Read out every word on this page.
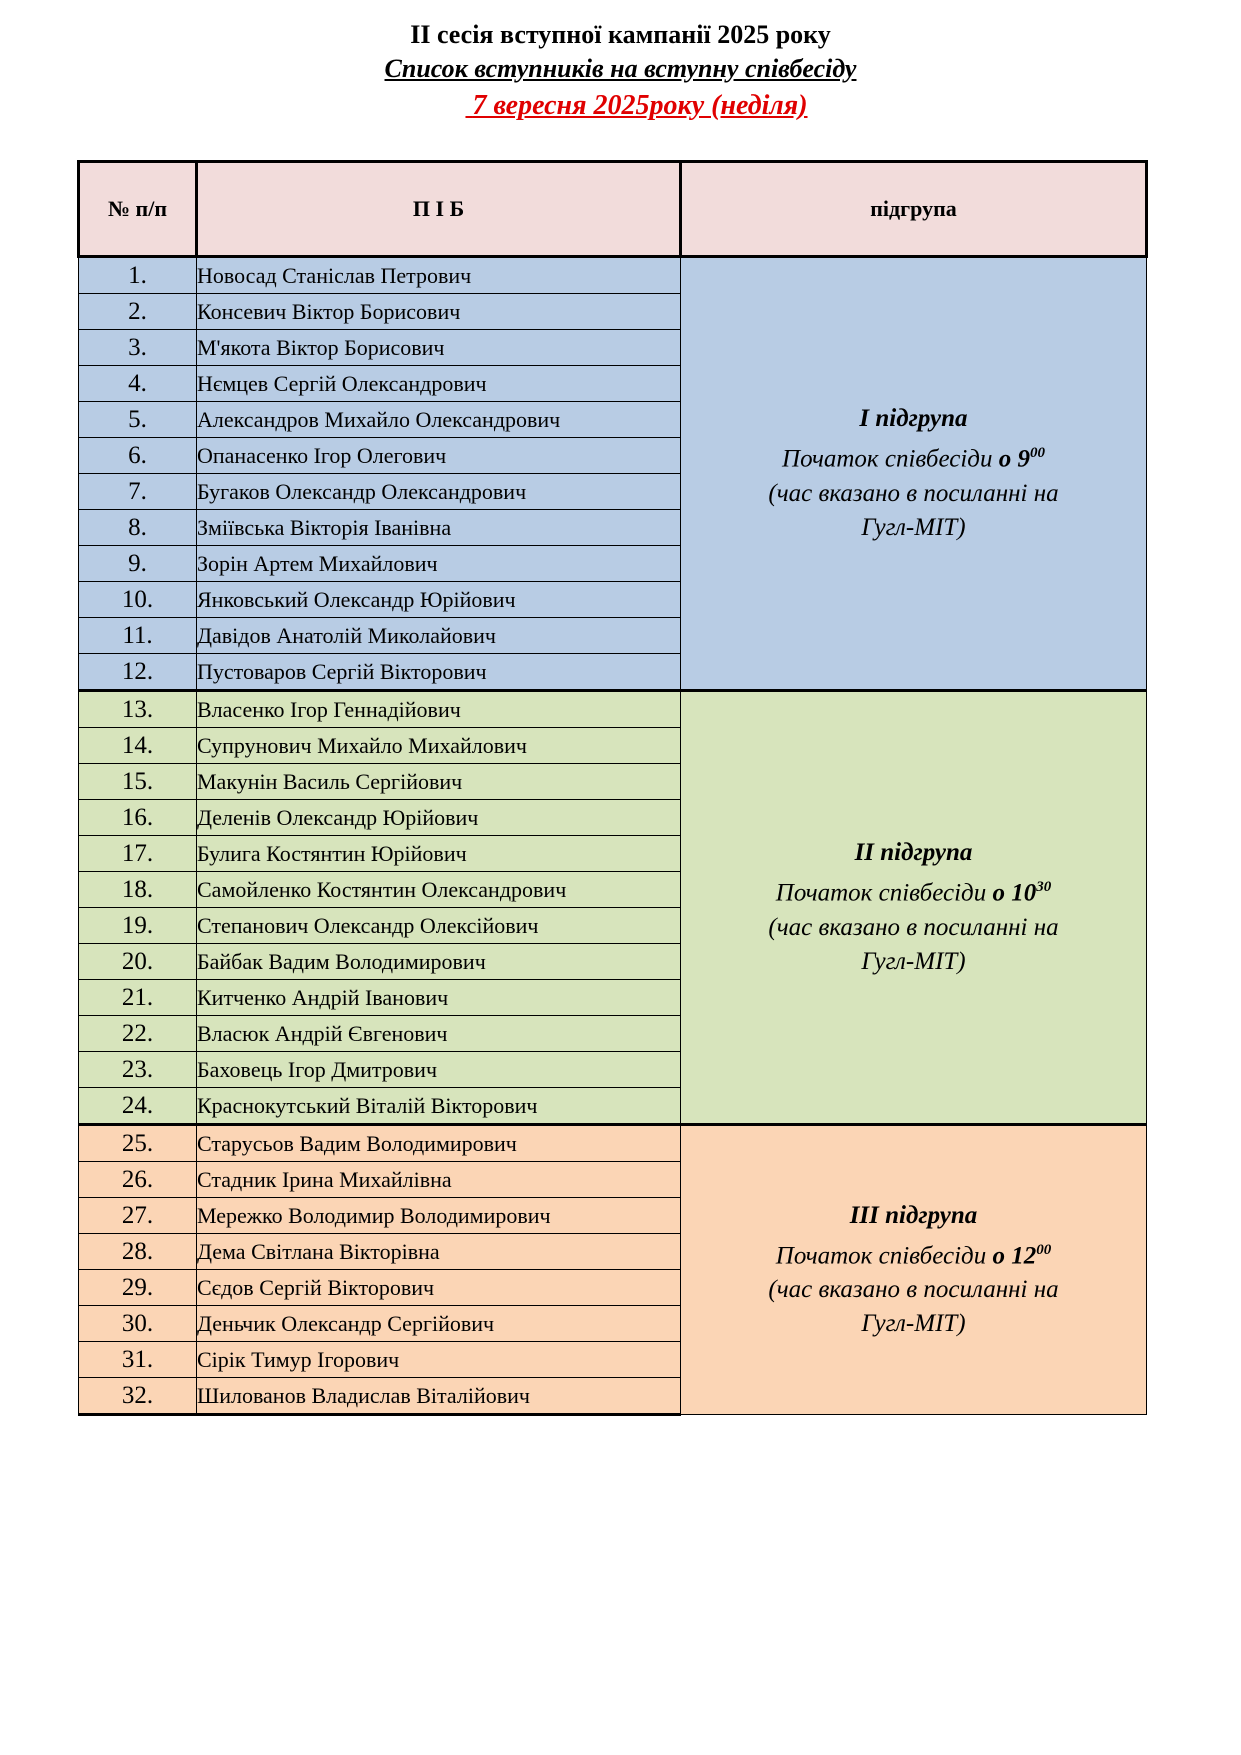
II сесія вступної кампанії 2025 року
Список вступників на вступну співбесіду
7 вересня 2025року (неділя)
№ п/п	П І Б	підгрупа
1.	Новосад Станіслав Петрович	І підгрупа
Початок співбесіди о $9^{00}$
(час вказано в посиланні на
Гугл-МІТ)

2.	Консевич Віктор Борисович	
3.	М'якота Віктор Борисович	
4.	Нємцев Сергій Олександрович	
5.	Александров Михайло Олександрович	
6.	Опанасенко Ігор Олегович	
7.	Бугаков Олександр Олександрович	
8.	Зміївська Вікторія Іванівна	
9.	Зорін Артем Михайлович	
10.	Янковський Олександр Юрійович	
11.	Давідов Анатолій Миколайович	
12.	Пустоваров Сергій Вікторович	
13.	Власенко Ігор Геннадійович	ІІ підгрупа
Початок співбесіди о $10^{30}$
(час вказано в посиланні на
Гугл-МІТ)

14.	Супрунович Михайло Михайлович	
15.	Макунін Василь Сергійович	
16.	Деленів Олександр Юрійович	
17.	Булига Костянтин Юрійович	
18.	Самойленко Костянтин Олександрович	
19.	Степанович Олександр Олексійович	
20.	Байбак Вадим Володимирович	
21.	Китченко Андрій Іванович	
22.	Власюк Андрій Євгенович	
23.	Баховець Ігор Дмитрович	
24.	Краснокутський Віталій Вікторович	
25.	Старусьов Вадим Володимирович	ІІІ підгрупа
Початок співбесіди о $12^{00}$
(час вказано в посиланні на
Гугл-МІТ)

26.	Стадник Ірина Михайлівна	
27.	Мережко Володимир Володимирович	
28.	Дема Світлана Вікторівна	
29.	Сєдов Сергій Вікторович	
30.	Деньчик Олександр Сергійович	
31.	Сірік Тимур Ігорович	
32.	Шилованов Владислав Віталійович	
